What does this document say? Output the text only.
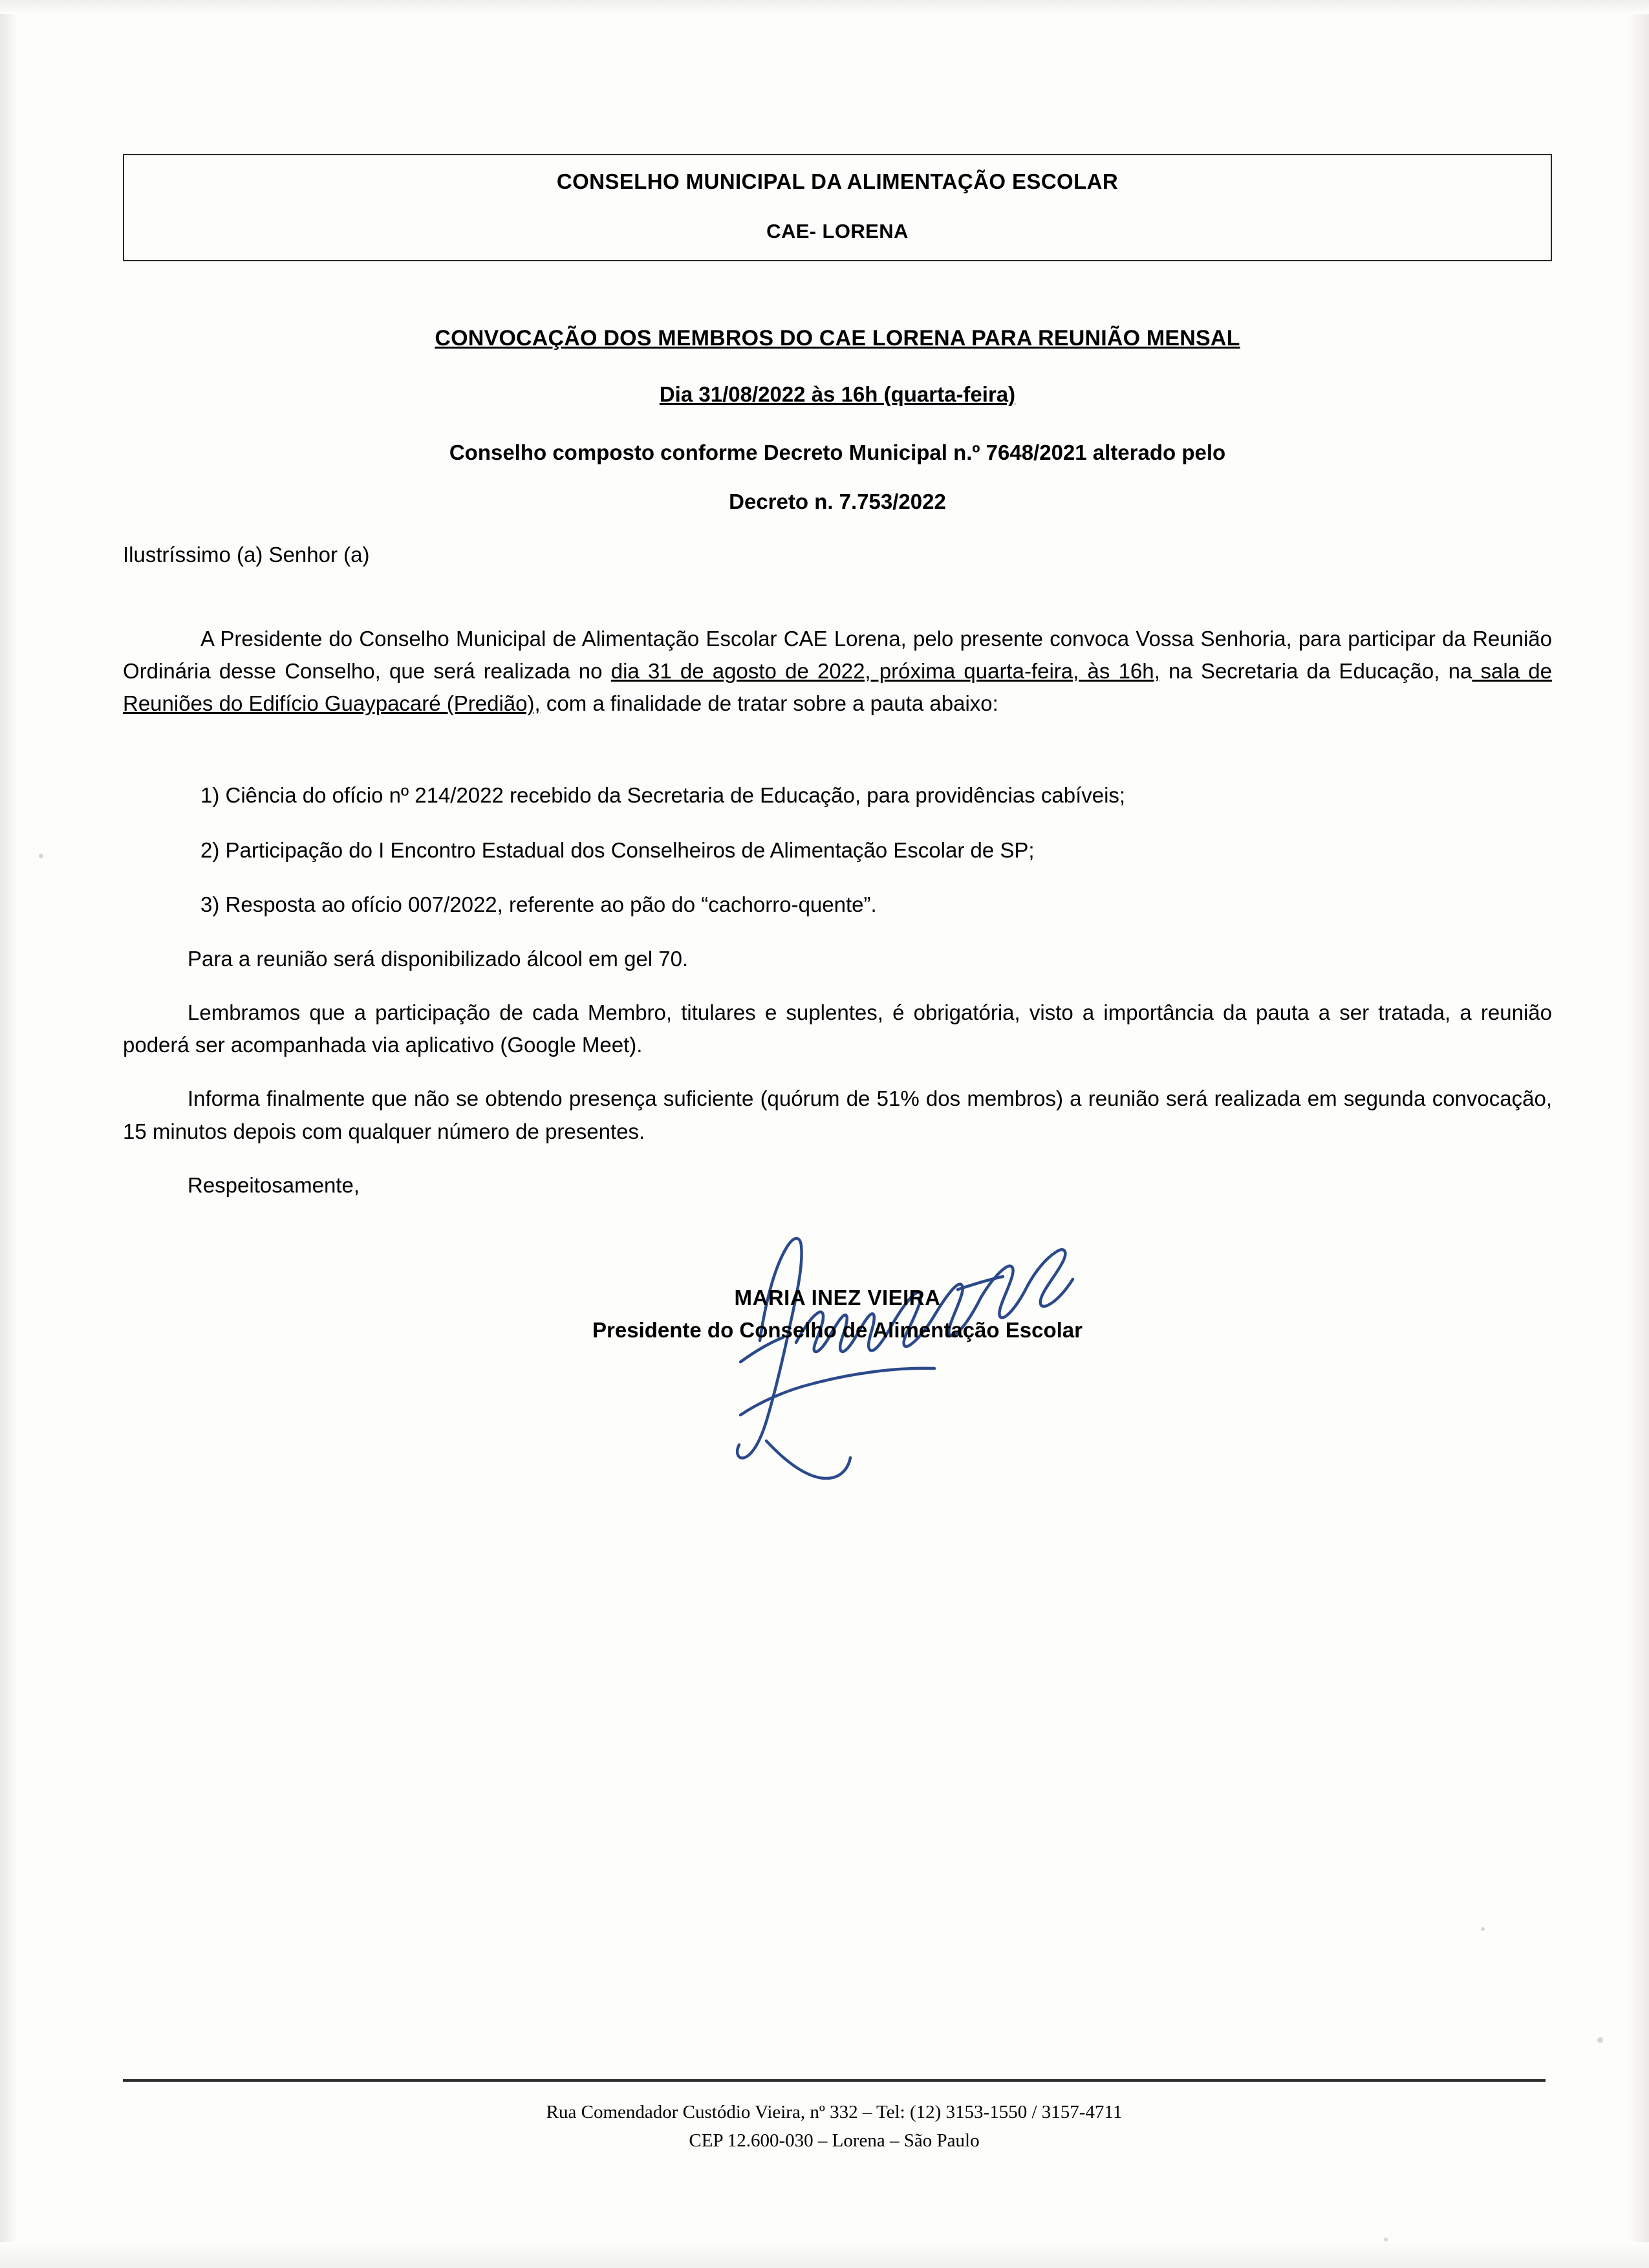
CONSELHO MUNICIPAL DA ALIMENTAÇÃO ESCOLAR
CAE- LORENA
CONVOCAÇÃO DOS MEMBROS DO CAE LORENA PARA REUNIÃO MENSAL
Dia 31/08/2022 às 16h (quarta-feira)
Conselho composto conforme Decreto Municipal n.º 7648/2021 alterado pelo
Decreto n. 7.753/2022
Ilustríssimo (a) Senhor (a)

A Presidente do Conselho Municipal de Alimentação Escolar CAE Lorena, pelo presente convoca Vossa Senhoria, para participar da Reunião Ordinária desse Conselho, que será realizada no dia 31 de agosto de 2022, próxima quarta-feira, às 16h, na Secretaria da Educação, na sala de Reuniões do Edifício Guaypacaré (Predião), com a finalidade de tratar sobre a pauta abaixo:

1) Ciência do ofício nº 214/2022 recebido da Secretaria de Educação, para providências cabíveis;

2) Participação do I Encontro Estadual dos Conselheiros de Alimentação Escolar de SP;

3) Resposta ao ofício 007/2022, referente ao pão do “cachorro-quente”.

Para a reunião será disponibilizado álcool em gel 70.

Lembramos que a participação de cada Membro, titulares e suplentes, é obrigatória, visto a importância da pauta a ser tratada, a reunião poderá ser acompanhada via aplicativo (Google Meet).

Informa finalmente que não se obtendo presença suficiente (quórum de 51% dos membros) a reunião será realizada em segunda convocação, 15 minutos depois com qualquer número de presentes.

Respeitosamente,

MARIA INEZ VIEIRA
Presidente do Conselho de Alimentação Escolar
Rua Comendador Custódio Vieira, nº 332 – Tel: (12) 3153-1550 / 3157-4711
CEP 12.600-030 – Lorena – São Paulo
